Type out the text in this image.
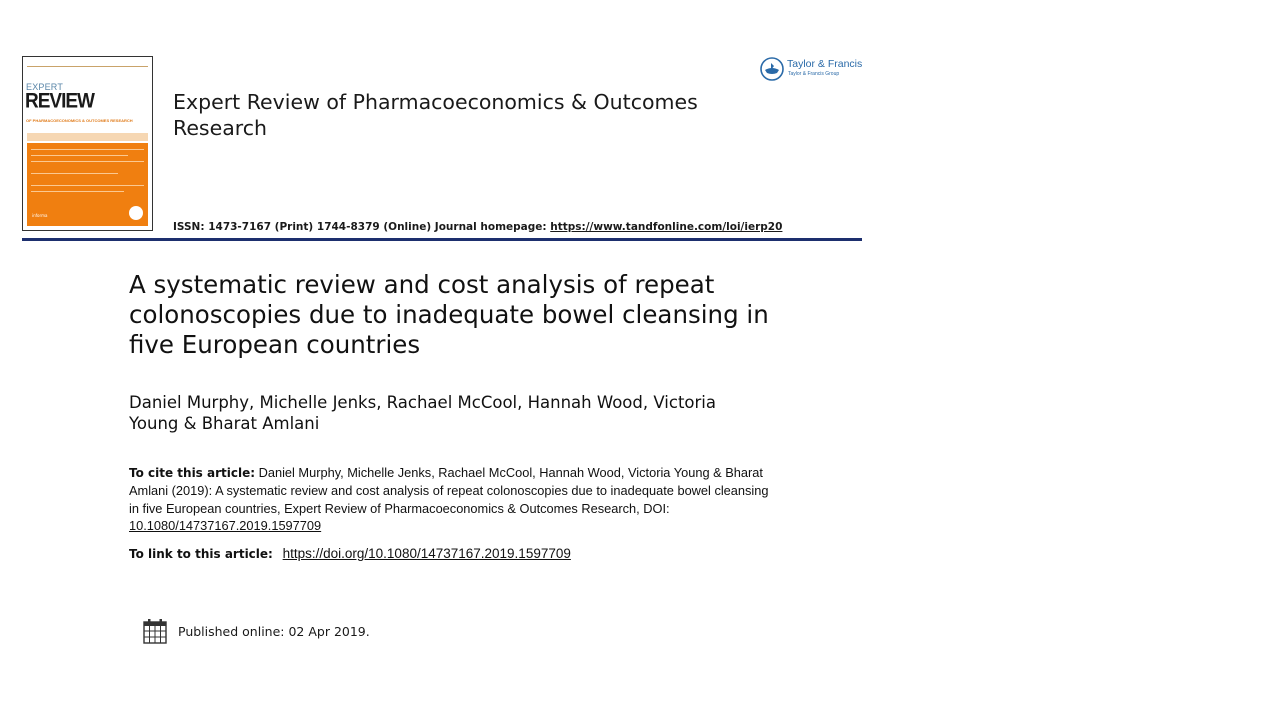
EXPERT
REVIEW
OF PHARMACOECONOMICS & OUTCOMES RESEARCH
informa
Expert Review of Pharmacoeconomics & Outcomes Research
ISSN: 1473-7167 (Print) 1744-8379 (Online) Journal homepage: https://www.tandfonline.com/loi/ierp20
Taylor & Francis
Taylor & Francis Group
A systematic review and cost analysis of repeat colonoscopies due to inadequate bowel cleansing in five European countries
Daniel Murphy, Michelle Jenks, Rachael McCool, Hannah Wood, Victoria Young & Bharat Amlani
To cite this article: Daniel Murphy, Michelle Jenks, Rachael McCool, Hannah Wood, Victoria Young & Bharat Amlani (2019): A systematic review and cost analysis of repeat colonoscopies due to inadequate bowel cleansing in five European countries, Expert Review of Pharmacoeconomics & Outcomes Research, DOI: 10.1080/14737167.2019.1597709
To link to this article: https://doi.org/10.1080/14737167.2019.1597709
Published online: 02 Apr 2019.
